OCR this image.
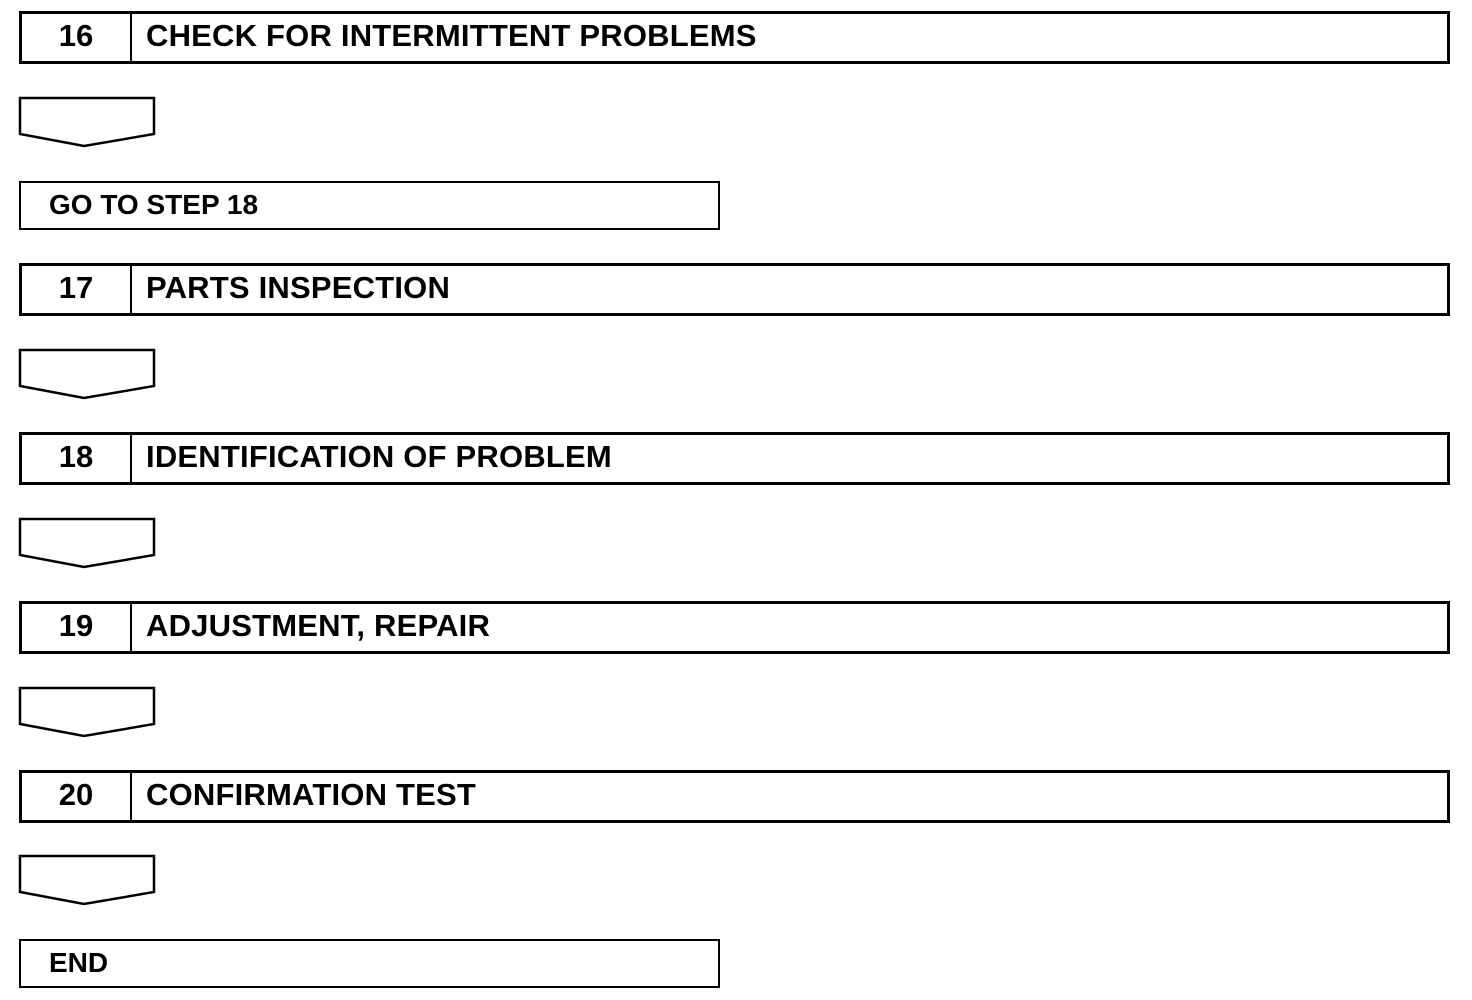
16	CHECK FOR INTERMITTENT PROBLEMS
GO TO STEP 18
17	PARTS INSPECTION
18	IDENTIFICATION OF PROBLEM
19	ADJUSTMENT, REPAIR
20	CONFIRMATION TEST
END
